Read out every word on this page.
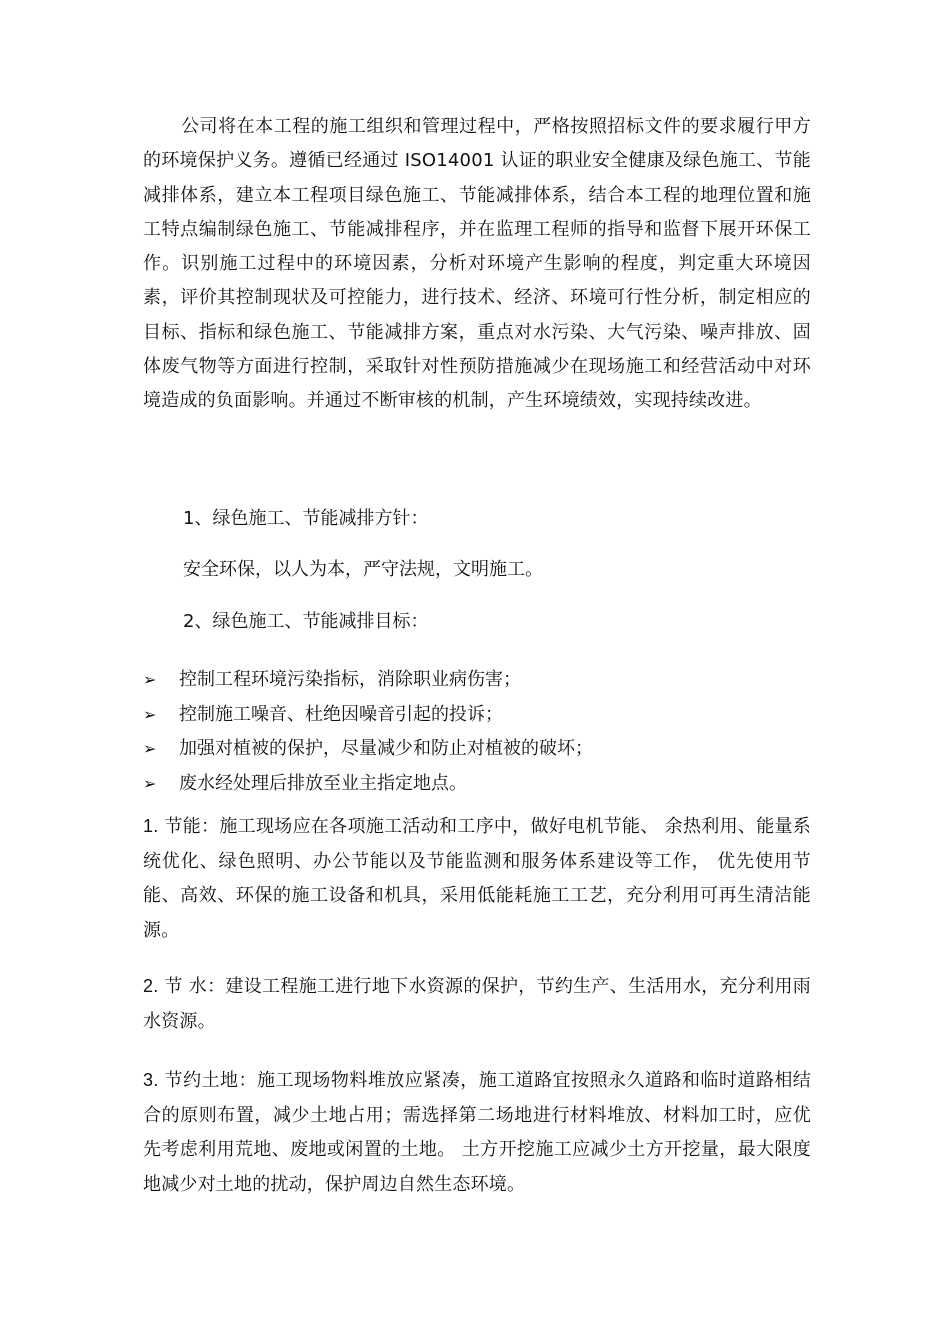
公司将在本工程的施工组织和管理过程中，严格按照招标文件的要求履行甲方的环境保护义务。遵循已经通过 ISO14001 认证的职业安全健康及绿色施工、节能减排体系，建立本工程项目绿色施工、节能减排体系，结合本工程的地理位置和施工特点编制绿色施工、节能减排程序，并在监理工程师的指导和监督下展开环保工作。识别施工过程中的环境因素，分析对环境产生影响的程度，判定重大环境因素，评价其控制现状及可控能力，进行技术、经济、环境可行性分析，制定相应的目标、指标和绿色施工、节能减排方案，重点对水污染、大气污染、噪声排放、固体废气物等方面进行控制，采取针对性预防措施减少在现场施工和经营活动中对环境造成的负面影响。并通过不断审核的机制，产生环境绩效，实现持续改进。

1、绿色施工、节能减排方针：
安全环保，以人为本，严守法规，文明施工。
2、绿色施工、节能减排目标：
➢ 控制工程环境污染指标，消除职业病伤害；
➢ 控制施工噪音、杜绝因噪音引起的投诉；
➢ 加强对植被的保护，尽量减少和防止对植被的破坏；
➢ 废水经处理后排放至业主指定地点。

1. 节能：施工现场应在各项施工活动和工序中，做好电机节能、 余热利用、能量系统优化、绿色照明、办公节能以及节能监测和服务体系建设等工作， 优先使用节能、高效、环保的施工设备和机具，采用低能耗施工工艺，充分利用可再生清洁能源。

2. 节 水：建设工程施工进行地下水资源的保护，节约生产、生活用水，充分利用雨水资源。

3. 节约土地：施工现场物料堆放应紧凑，施工道路宜按照永久道路和临时道路相结合的原则布置，减少土地占用；需选择第二场地进行材料堆放、材料加工时，应优先考虑利用荒地、废地或闲置的土地。 土方开挖施工应减少土方开挖量，最大限度地减少对土地的扰动，保护周边自然生态环境。
